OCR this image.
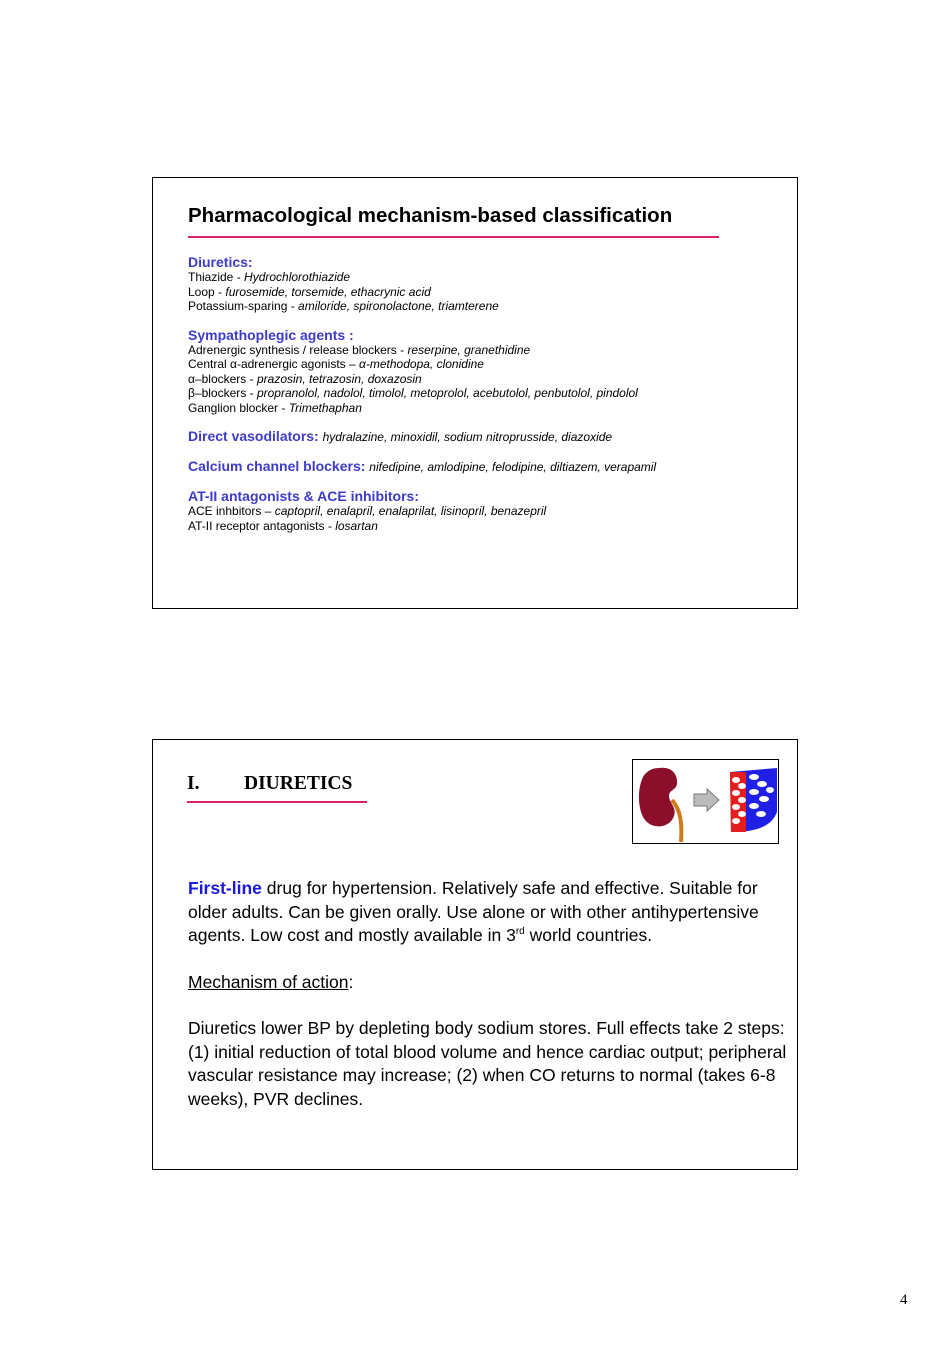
Pharmacological mechanism-based classification
Diuretics:
Thiazide - Hydrochlorothiazide
Loop - furosemide, torsemide, ethacrynic acid
Potassium-sparing - amiloride, spironolactone, triamterene
Sympathoplegic agents :
Adrenergic synthesis / release blockers - reserpine, granethidine
Central α-adrenergic agonists – α-methodopa, clonidine
α–blockers - prazosin, tetrazosin, doxazosin
β–blockers - propranolol, nadolol, timolol, metoprolol, acebutolol, penbutolol, pindolol
Ganglion blocker - Trimethaphan
Direct vasodilators: hydralazine, minoxidil, sodium nitroprusside, diazoxide
Calcium channel blockers: nifedipine, amlodipine, felodipine, diltiazem, verapamil
AT-II antagonists & ACE inhibitors:
ACE inhbitors – captopril, enalapril, enalaprilat, lisinopril, benazepril
AT-II receptor antagonists - losartan
I. DIURETICS

First-line drug for hypertension. Relatively safe and effective. Suitable for older adults. Can be given orally. Use alone or with other antihypertensive agents. Low cost and mostly available in 3rd world countries.

Mechanism of action:

Diuretics lower BP by depleting body sodium stores. Full effects take 2 steps: (1) initial reduction of total blood volume and hence cardiac output; peripheral vascular resistance may increase; (2) when CO returns to normal (takes 6-8 weeks), PVR declines.

4
